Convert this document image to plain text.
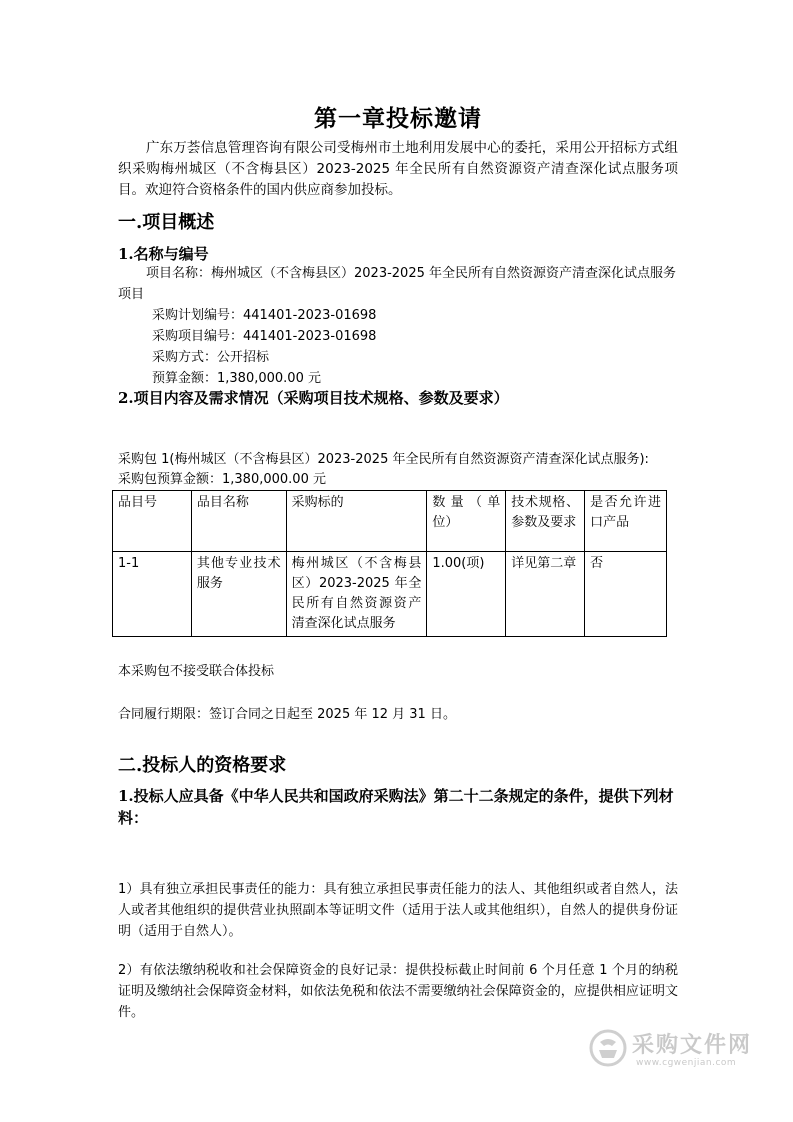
第一章投标邀请

广东万荟信息管理咨询有限公司受梅州市土地利用发展中心的委托，采用公开招标方式组织采购梅州城区（不含梅县区）2023-2025 年全民所有自然资源资产清查深化试点服务项目。欢迎符合资格条件的国内供应商参加投标。

一.项目概述
1.名称与编号

项目名称：梅州城区（不含梅县区）2023-2025 年全民所有自然资源资产清查深化试点服务项目

采购计划编号：441401-2023-01698
采购项目编号：441401-2023-01698
采购方式：公开招标
预算金额：1,380,000.00 元
2.项目内容及需求情况（采购项目技术规格、参数及要求）
采购包 1(梅州城区（不含梅县区）2023-2025 年全民所有自然资源资产清查深化试点服务):
采购包预算金额：1,380,000.00 元
品目号	品目名称	采购标的	数量（单位）	技术规格、参数及要求	是否允许进口产品
1-1	其他专业技术服务	梅州城区（不含梅县区）2023-2025 年全民所有自然资源资产清查深化试点服务	1.00(项)	详见第二章	否
本采购包不接受联合体投标
合同履行期限：签订合同之日起至 2025 年 12 月 31 日。
二.投标人的资格要求
1.投标人应具备《中华人民共和国政府采购法》第二十二条规定的条件，提供下列材料：

1）具有独立承担民事责任的能力：具有独立承担民事责任能力的法人、其他组织或者自然人，法人或者其他组织的提供营业执照副本等证明文件（适用于法人或其他组织），自然人的提供身份证明（适用于自然人）。

2）有依法缴纳税收和社会保障资金的良好记录：提供投标截止时间前 6 个月任意 1 个月的纳税证明及缴纳社会保障资金材料，如依法免税和依法不需要缴纳社会保障资金的，应提供相应证明文件。

采购文件网
www.cgwenjian.com
